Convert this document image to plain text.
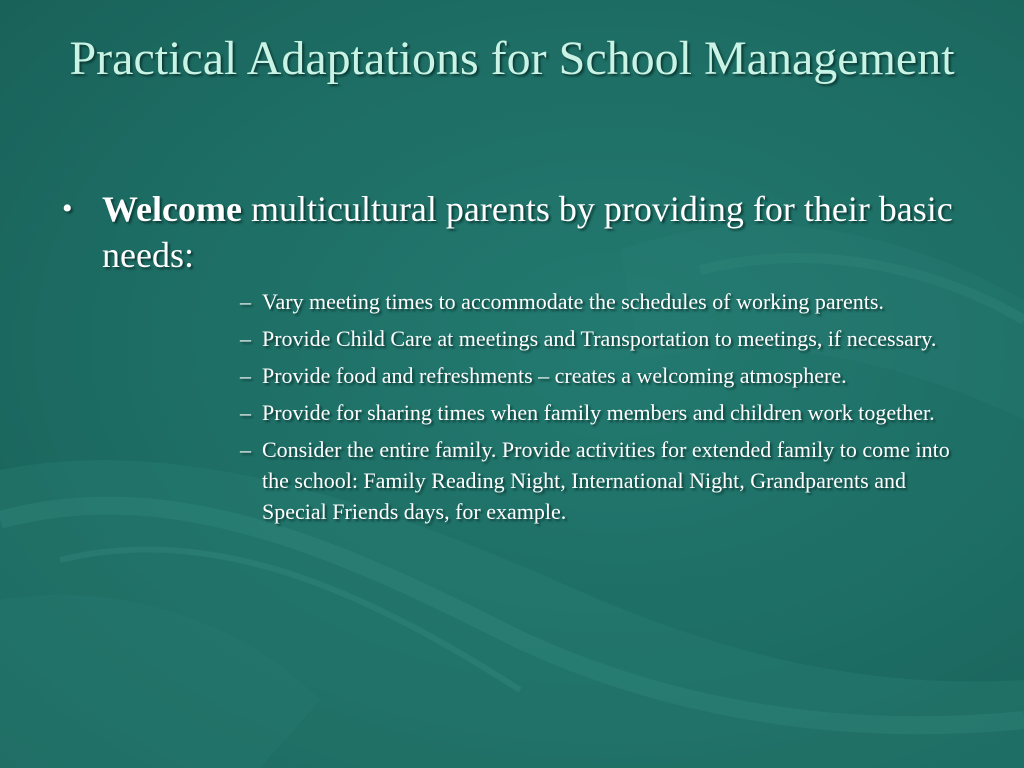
Practical Adaptations for School Management
• Welcome multicultural parents by providing for their basic needs:
– Vary meeting times to accommodate the schedules of working parents.
– Provide Child Care at meetings and Transportation to meetings, if necessary.
– Provide food and refreshments – creates a welcoming atmosphere.
– Provide for sharing times when family members and children work together.
– Consider the entire family. Provide activities for extended family to come into the school: Family Reading Night, International Night, Grandparents and Special Friends days, for example.
